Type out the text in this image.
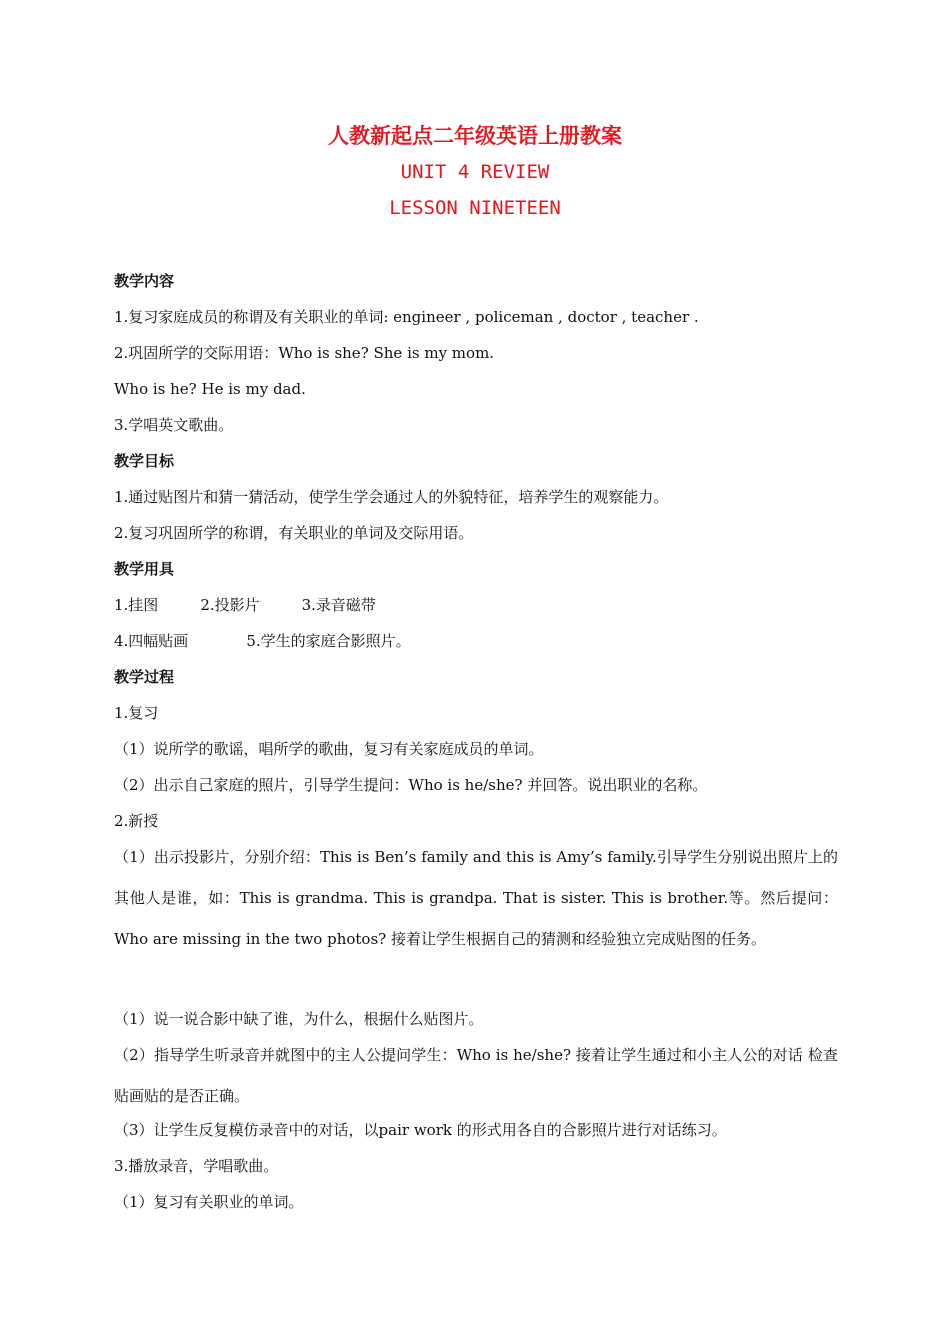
人教新起点二年级英语上册教案
UNIT 4 REVIEW
LESSON NINETEEN
教学内容
1.复习家庭成员的称谓及有关职业的单词: engineer , policeman , doctor , teacher .
2.巩固所学的交际用语：Who is she? She is my mom.
Who is he? He is my dad.
3.学唱英文歌曲。
教学目标
1.通过贴图片和猜一猜活动，使学生学会通过人的外貌特征，培养学生的观察能力。
2.复习巩固所学的称谓，有关职业的单词及交际用语。
教学用具
1.挂图	2.投影片	3.录音磁带
4.四幅贴画	5.学生的家庭合影照片。
教学过程
1.复习
（1）说所学的歌谣，唱所学的歌曲，复习有关家庭成员的单词。
（2）出示自己家庭的照片，引导学生提问：Who is he/she? 并回答。说出职业的名称。
2.新授
（1）出示投影片，分别介绍：This is Ben’s family and this is Amy’s family.引导学生分别说出照片上的其他人是谁，如：This is grandma. This is grandpa. That is sister. This is brother.等。然后提问：Who are missing in the two photos? 接着让学生根据自己的猜测和经验独立完成贴图的任务。
（1）说一说合影中缺了谁，为什么，根据什么贴图片。
（2）指导学生听录音并就图中的主人公提问学生：Who is he/she? 接着让学生通过和小主人公的对话 检查贴画贴的是否正确。
（3）让学生反复模仿录音中的对话，以pair work 的形式用各自的合影照片进行对话练习。
3.播放录音，学唱歌曲。
（1）复习有关职业的单词。
